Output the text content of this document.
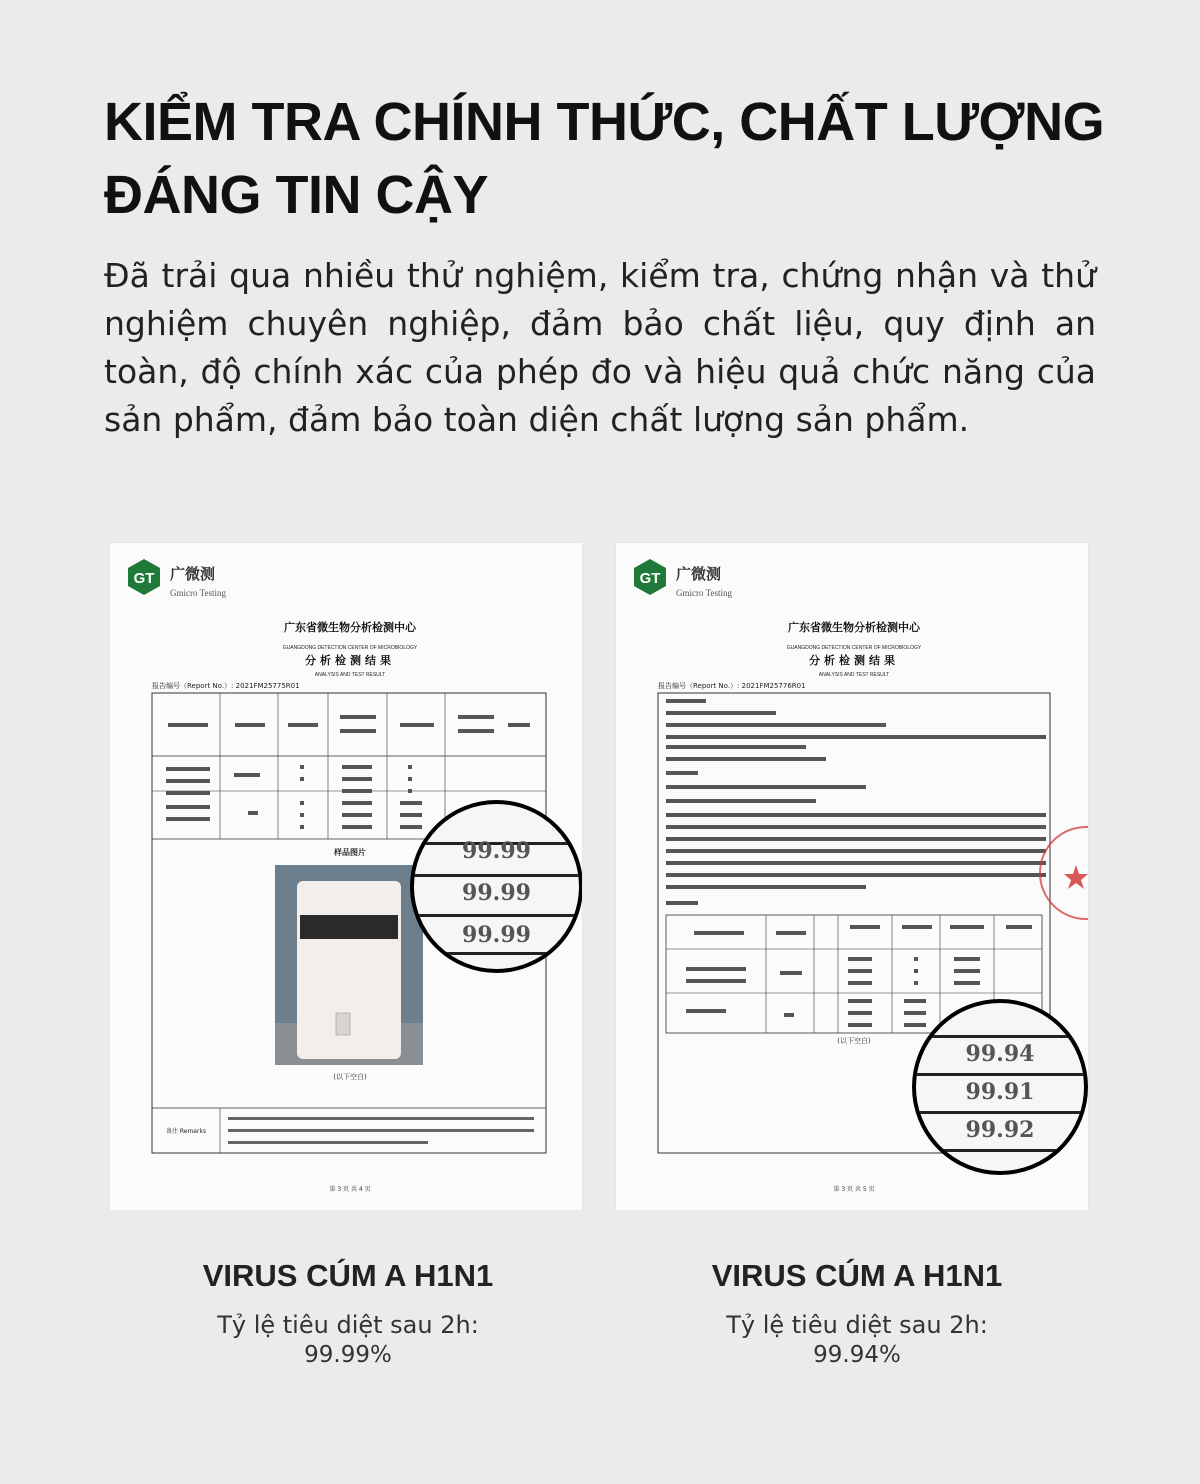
KIỂM TRA CHÍNH THỨC, CHẤT LƯỢNG ĐÁNG TIN CẬY

Đã trải qua nhiều thử nghiệm, kiểm tra, chứng nhận và thử nghiệm chuyên nghiệp, đảm bảo chất liệu, quy định an toàn, độ chính xác của phép đo và hiệu quả chức năng của sản phẩm, đảm bảo toàn diện chất lượng sản phẩm.

GT 广微测
Gmicro Testing
广东省微生物分析检测中心
GUANGDONG DETECTION CENTER OF MICROBIOLOGY
分析检测结果
ANALYSIS AND TEST RESULT
报告编号（Report No.）: 2021FM25775R01
样品图片
(以下空白)
备注 Remarks
第 3 页 共 4 页
99.99
99.99
99.99
GT 广微测
Gmicro Testing
广东省微生物分析检测中心
GUANGDONG DETECTION CENTER OF MICROBIOLOGY
分析检测结果
ANALYSIS AND TEST RESULT
报告编号（Report No.）: 2021FM25776R01
(以下空白)
第 3 页 共 5 页
99.94
99.91
99.92
VIRUS CÚM A H1N1
Tỷ lệ tiêu diệt sau 2h:
99.99%
VIRUS CÚM A H1N1
Tỷ lệ tiêu diệt sau 2h:
99.94%
